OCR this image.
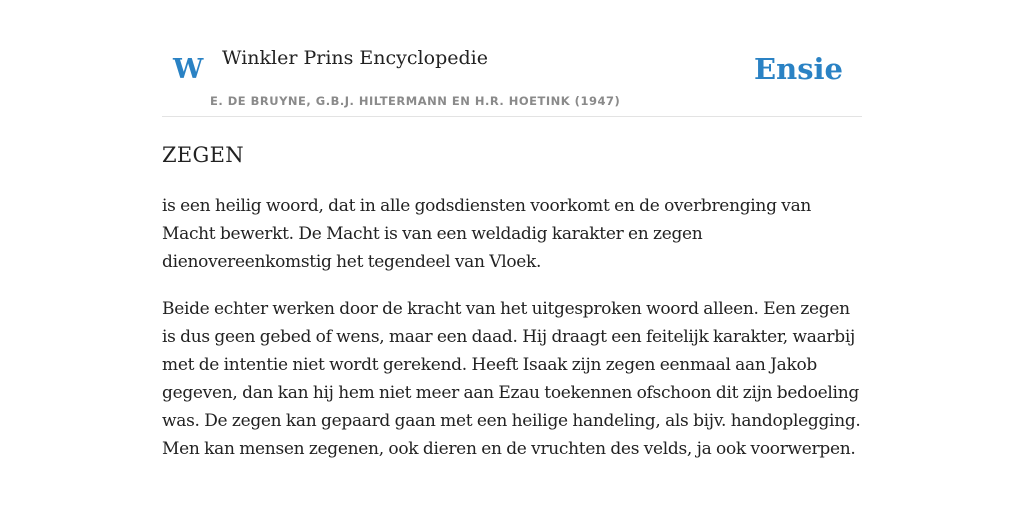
W Winkler Prins Encyclopedie
E. DE BRUYNE, G.B.J. HILTERMANN EN H.R. HOETINK (1947)
Ensie
ZEGEN

is een heilig woord, dat in alle godsdiensten voorkomt en de overbrenging van Macht bewerkt. De Macht is van een weldadig karakter en zegen dienovereenkomstig het tegendeel van Vloek.

Beide echter werken door de kracht van het uitgesproken woord alleen. Een zegen is dus geen gebed of wens, maar een daad. Hij draagt een feitelijk karakter, waarbij met de intentie niet wordt gerekend. Heeft Isaak zijn zegen eenmaal aan Jakob gegeven, dan kan hij hem niet meer aan Ezau toekennen ofschoon dit zijn bedoeling was. De zegen kan gepaard gaan met een heilige handeling, als bijv. handoplegging. Men kan mensen zegenen, ook dieren en de vruchten des velds, ja ook voorwerpen.
